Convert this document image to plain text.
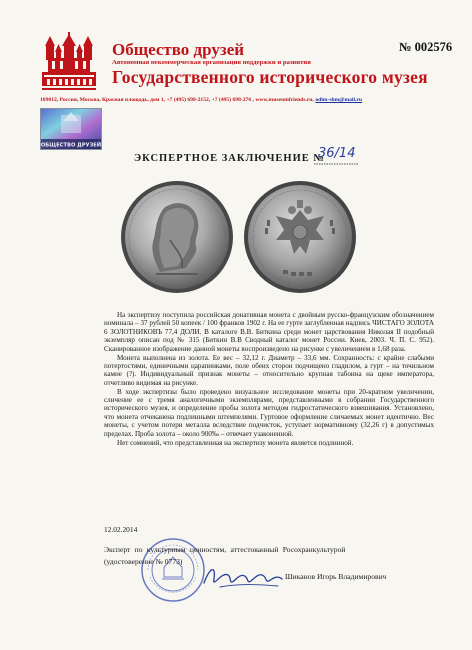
Общество друзей
Автономная некоммерческая организация поддержки и развития
Государственного исторического музея
№ 002576
109012, Россия, Москва, Красная площадь, дом 1, +7 (495) 698-2152, +7 (495) 698-276 , www.museumfriends.ru, odim-shm@mail.ru
ОБЩЕСТВО ДРУЗЕЙ
ЭКСПЕРТНОЕ ЗАКЛЮЧЕНИЕ №
36/14

На экспертизу поступила российская донативная монета с двойным русско-французским обозначением номинала – 37 рублей 50 копеек / 100 франков 1902 г. На ее гурте заглубленная надпись ЧИСТАГО ЗОЛОТА 6 ЗОЛОТНИКОВЪ 77,4 ДОЛИ. В каталоге В.В. Биткина среди монет царствования Николая II подобный экземпляр описан под № 315 (Биткин В.В Сводный каталог монет России. Киев, 2003. Ч. П. С. 952). Сканированное изображение данной монеты воспроизведено на рисунке с увеличением в 1,68 раза.

Монета выполнена из золота. Ее вес – 32,12 г. Диаметр – 33,6 мм. Сохранность: с крайне слабыми потертостями, единичными царапинками, поле обеих сторон подчищено гладилом, а гурт – на точильном камне (?). Индивидуальный признак монеты – относительно крупная табоина на щеке императора, отчетливо видимая на рисунке.

В ходе экспертизы было проведено визуальное исследование монеты при 20-кратном увеличении, сличение ее с тремя аналогичными экземплярами, представленными в собрании Государственного исторического музея, и определение пробы золота методом гидростатического взвешивания. Установлено, что монета отчеканена подлинными штемпелями. Гуртовое оформление сличаемых монет идентично. Вес монеты, с учетом потери металла вследствие подчисток, уступает нормативному (32,26 г) в допустимых пределах. Проба золота – около 900‰ – отвечает узаконенной.

Нет сомнений, что представленная на экспертизу монета является подлинной.

12.02.2014
Эксперт по культурным ценностям, аттестованный Росохранкультурой
(удостоверение № 0773)
Шиканов Игорь Владимирович
